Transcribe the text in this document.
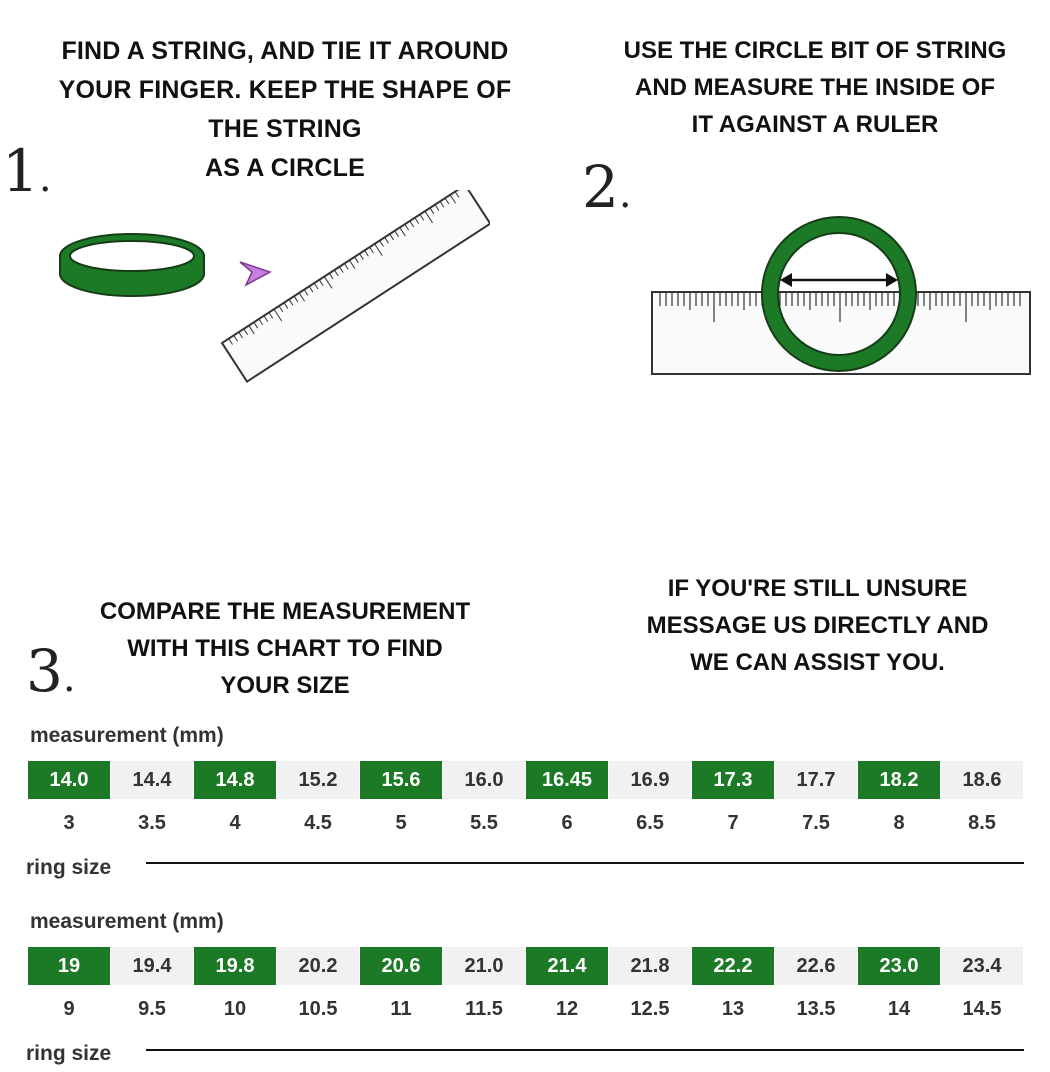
1.
FIND A STRING, AND TIE IT AROUND
YOUR FINGER. KEEP THE SHAPE OF
THE STRING
AS A CIRCLE	2.
USE THE CIRCLE BIT OF STRING
AND MEASURE THE INSIDE OF
IT AGAINST A RULER
3.
COMPARE THE MEASUREMENT
WITH THIS CHART TO FIND
YOUR SIZE
IF YOU'RE STILL UNSURE
MESSAGE US DIRECTLY AND
WE CAN ASSIST YOU.
measurement (mm)
14.0	14.4	14.8	15.2	15.6	16.0	16.45	16.9	17.3	17.7	18.2	18.6
3	3.5	4	4.5	5	5.5	6	6.5	7	7.5	8	8.5
ring size
measurement (mm)
19	19.4	19.8	20.2	20.6	21.0	21.4	21.8	22.2	22.6	23.0	23.4
9	9.5	10	10.5	11	11.5	12	12.5	13	13.5	14	14.5
ring size
